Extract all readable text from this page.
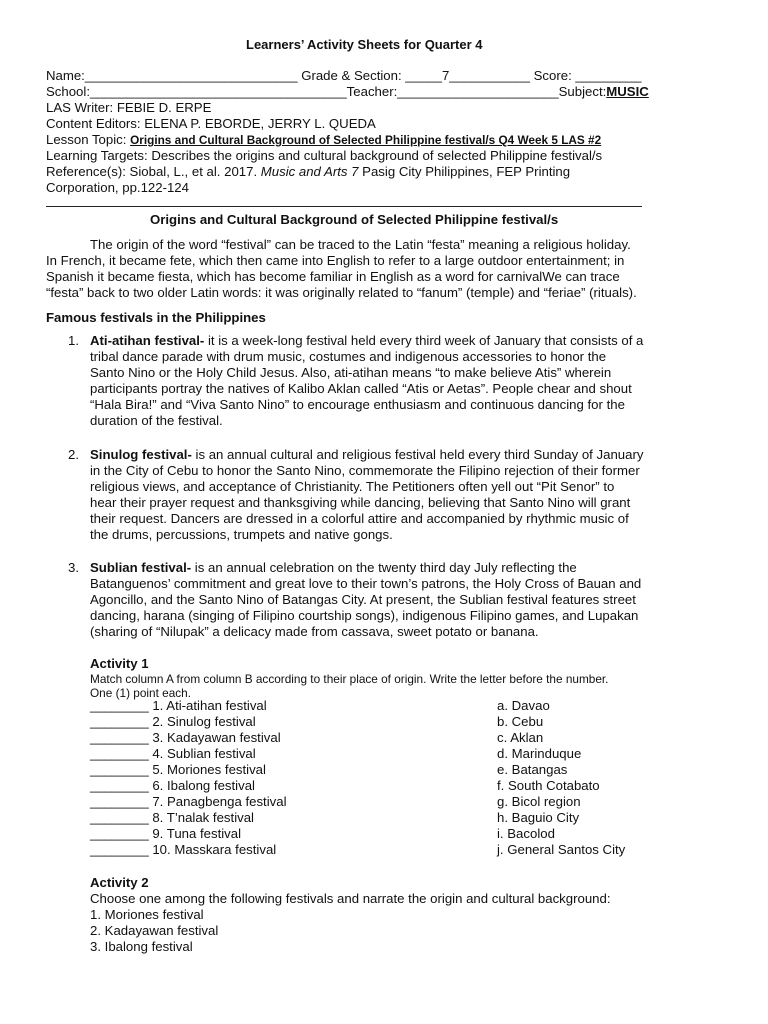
Learners’ Activity Sheets for Quarter 4
Name:_____________________________ Grade & Section: _____7___________ Score: _________
School:___________________________________Teacher:______________________Subject:MUSIC
LAS Writer: FEBIE D. ERPE
Content Editors: ELENA P. EBORDE, JERRY L. QUEDA
Lesson Topic: Origins and Cultural Background of Selected Philippine festival/s Q4 Week 5 LAS #2
Learning Targets: Describes the origins and cultural background of selected Philippine festival/s
Reference(s): Siobal, L., et al. 2017. Music and Arts 7 Pasig City Philippines, FEP Printing
Corporation, pp.122-124
Origins and Cultural Background of Selected Philippine festival/s
The origin of the word “festival” can be traced to the Latin “festa” meaning a religious holiday.
In French, it became fete, which then came into English to refer to a large outdoor entertainment; in
Spanish it became fiesta, which has become familiar in English as a word for carnivalWe can trace
“festa” back to two older Latin words: it was originally related to “fanum” (temple) and “feriae” (rituals).
Famous festivals in the Philippines
1. Ati-atihan festival- it is a week-long festival held every third week of January that consists of a
tribal dance parade with drum music, costumes and indigenous accessories to honor the
Santo Nino or the Holy Child Jesus. Also, ati-atihan means “to make believe Atis” wherein
participants portray the natives of Kalibo Aklan called “Atis or Aetas”. People chear and shout
“Hala Bira!” and “Viva Santo Nino” to encourage enthusiasm and continuous dancing for the
duration of the festival.
2. Sinulog festival- is an annual cultural and religious festival held every third Sunday of January
in the City of Cebu to honor the Santo Nino, commemorate the Filipino rejection of their former
religious views, and acceptance of Christianity. The Petitioners often yell out “Pit Senor” to
hear their prayer request and thanksgiving while dancing, believing that Santo Nino will grant
their request. Dancers are dressed in a colorful attire and accompanied by rhythmic music of
the drums, percussions, trumpets and native gongs.
3. Sublian festival- is an annual celebration on the twenty third day July reflecting the
Batanguenos’ commitment and great love to their town’s patrons, the Holy Cross of Bauan and
Agoncillo, and the Santo Nino of Batangas City. At present, the Sublian festival features street
dancing, harana (singing of Filipino courtship songs), indigenous Filipino games, and Lupakan
(sharing of “Nilupak” a delicacy made from cassava, sweet potato or banana.
Activity 1
Match column A from column B according to their place of origin. Write the letter before the number.
One (1) point each.
________ 1. Ati-atihan festival
________ 2. Sinulog festival
________ 3. Kadayawan festival
________ 4. Sublian festival
________ 5. Moriones festival
________ 6. Ibalong festival
________ 7. Panagbenga festival
________ 8. T’nalak festival
________ 9. Tuna festival
________ 10. Masskara festival
a. Davao
b. Cebu
c. Aklan
d. Marinduque
e. Batangas
f. South Cotabato
g. Bicol region
h. Baguio City
i. Bacolod
j. General Santos City
Activity 2
Choose one among the following festivals and narrate the origin and cultural background:
1. Moriones festival
2. Kadayawan festival
3. Ibalong festival
